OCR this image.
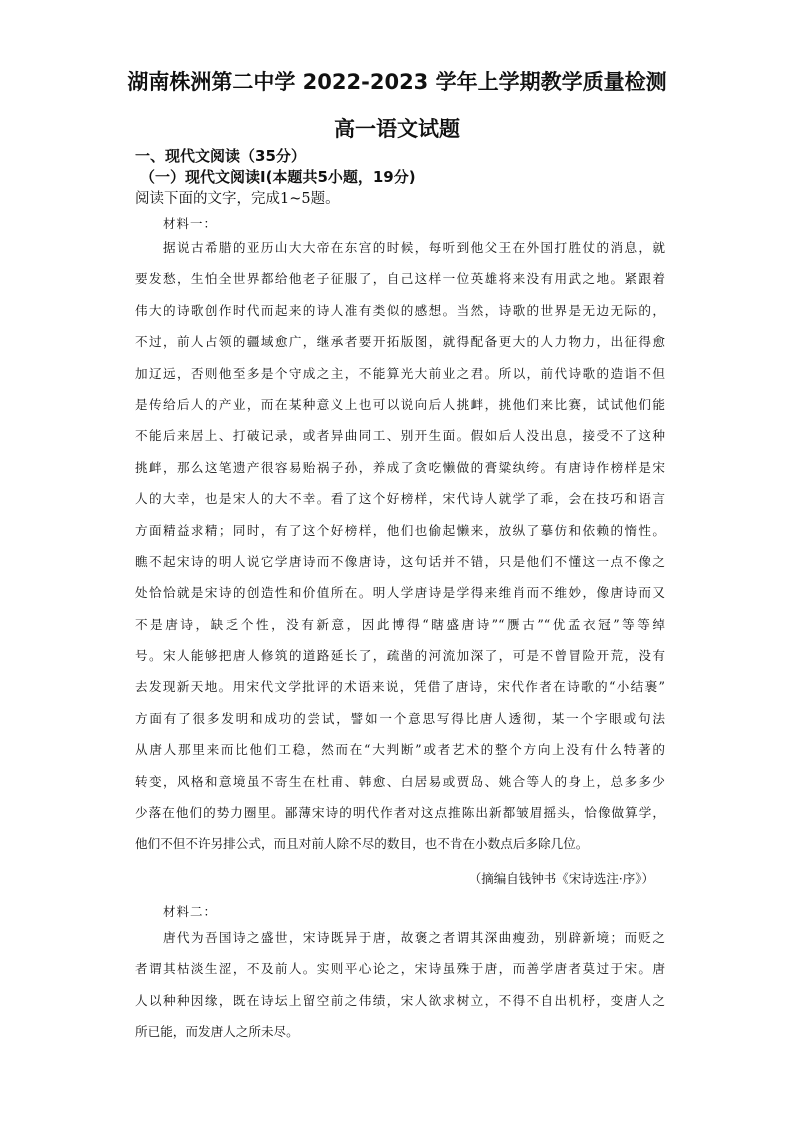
湖南株洲第二中学 2022-2023 学年上学期教学质量检测
高一语文试题
一、现代文阅读（35分）
（一）现代文阅读Ⅰ(本题共5小题，19分)
阅读下面的文字，完成1~5题。
材料一：
据说古希腊的亚历山大大帝在东宫的时候，每听到他父王在外国打胜仗的消息，就
要发愁，生怕全世界都给他老子征服了，自己这样一位英雄将来没有用武之地。紧跟着
伟大的诗歌创作时代而起来的诗人准有类似的感想。当然，诗歌的世界是无边无际的，
不过，前人占领的疆域愈广，继承者要开拓版图，就得配备更大的人力物力，出征得愈
加辽远，否则他至多是个守成之主，不能算光大前业之君。所以，前代诗歌的造诣不但
是传给后人的产业，而在某种意义上也可以说向后人挑衅，挑他们来比赛，试试他们能
不能后来居上、打破记录，或者异曲同工、别开生面。假如后人没出息，接受不了这种
挑衅，那么这笔遗产很容易贻祸子孙，养成了贪吃懒做的膏粱纨绔。有唐诗作榜样是宋
人的大幸，也是宋人的大不幸。看了这个好榜样，宋代诗人就学了乖，会在技巧和语言
方面精益求精；同时，有了这个好榜样，他们也偷起懒来，放纵了摹仿和依赖的惰性。
瞧不起宋诗的明人说它学唐诗而不像唐诗，这句话并不错，只是他们不懂这一点不像之
处恰恰就是宋诗的创造性和价值所在。明人学唐诗是学得来维肖而不维妙，像唐诗而又
不是唐诗，缺乏个性，没有新意，因此博得“瞎盛唐诗”“赝古”“优孟衣冠”等等绰
号。宋人能够把唐人修筑的道路延长了，疏凿的河流加深了，可是不曾冒险开荒，没有
去发现新天地。用宋代文学批评的术语来说，凭借了唐诗，宋代作者在诗歌的“小结裹”
方面有了很多发明和成功的尝试，譬如一个意思写得比唐人透彻，某一个字眼或句法
从唐人那里来而比他们工稳，然而在“大判断”或者艺术的整个方向上没有什么特著的
转变，风格和意境虽不寄生在杜甫、韩愈、白居易或贾岛、姚合等人的身上，总多多少
少落在他们的势力圈里。鄙薄宋诗的明代作者对这点推陈出新都皱眉摇头，恰像做算学，
他们不但不许另排公式，而且对前人除不尽的数目，也不肯在小数点后多除几位。
（摘编自钱钟书《宋诗选注·序》）
材料二：
唐代为吾国诗之盛世，宋诗既异于唐，故褒之者谓其深曲瘦劲，别辟新境；而贬之
者谓其枯淡生涩，不及前人。实则平心论之，宋诗虽殊于唐，而善学唐者莫过于宋。唐
人以种种因缘，既在诗坛上留空前之伟绩，宋人欲求树立，不得不自出机杼，变唐人之
所已能，而发唐人之所未尽。
